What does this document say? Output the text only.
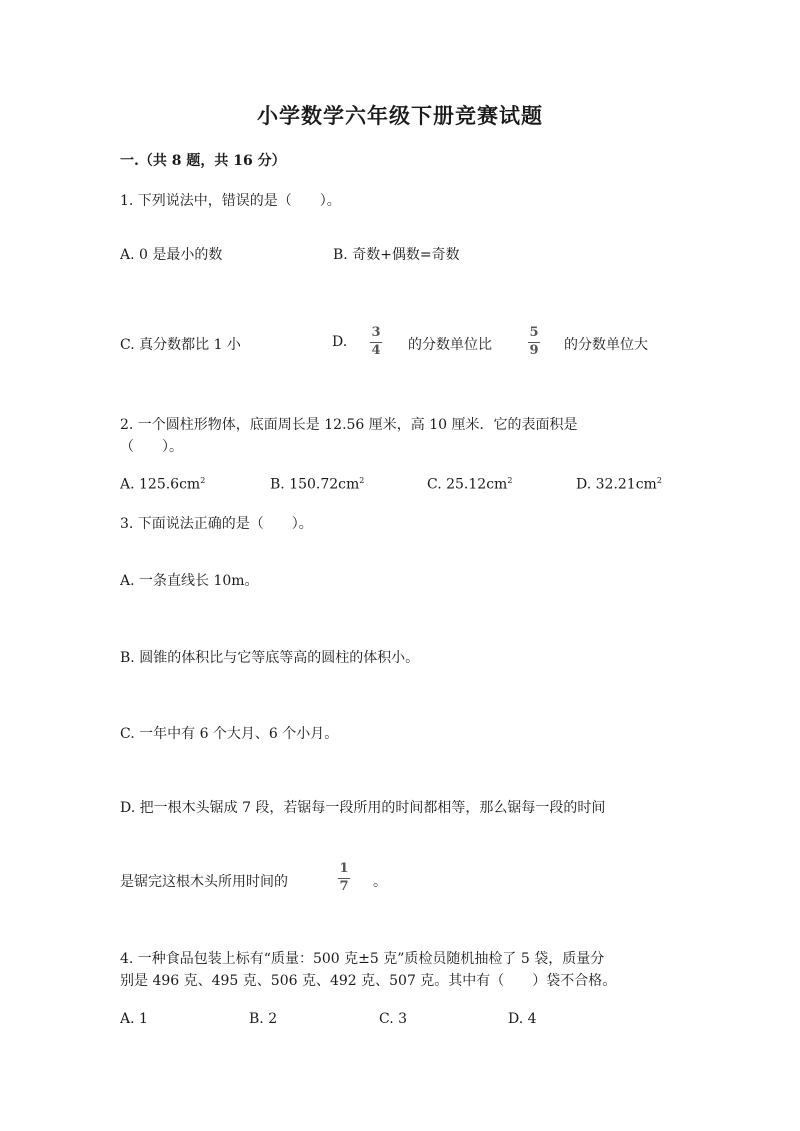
小学数学六年级下册竞赛试题
一.（共 8 题，共 16 分）
1. 下列说法中，错误的是（　　）。
A. 0 是最小的数	B. 奇数+偶数=奇数
C. 真分数都比 1 小	D.
3
4 的分数单位比
5
9 的分数单位大
2. 一个圆柱形物体，底面周长是 12.56 厘米，高 10 厘米．它的表面积是
（　　）。
A. $125.6cm^2$	B. $150.72cm^2$	C. $25.12cm^2$	D. $32.21cm^2$
3. 下面说法正确的是（　　）。
A. 一条直线长 10m。
B. 圆锥的体积比与它等底等高的圆柱的体积小。
C. 一年中有 6 个大月、6 个小月。
D. 把一根木头锯成 7 段，若锯每一段所用的时间都相等，那么锯每一段的时间
是锯完这根木头所用时间的
1
7 。
4. 一种食品包装上标有“质量：500 克±5 克”质检员随机抽检了 5 袋，质量分
别是 496 克、495 克、506 克、492 克、507 克。其中有（　　）袋不合格。
A. 1	B. 2	C. 3	D. 4
